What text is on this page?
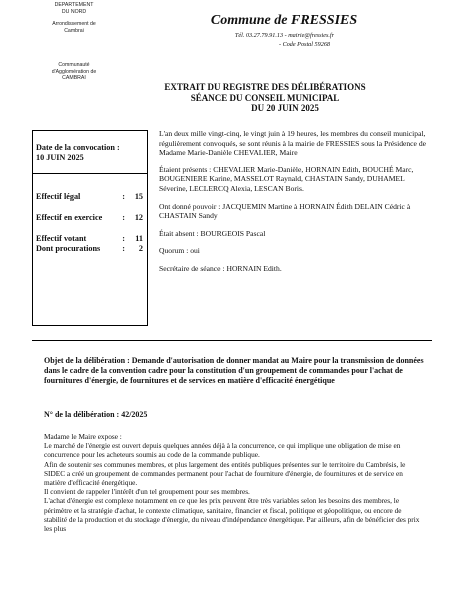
DEPARTEMENT
DU NORD
Arrondissement de
Cambrai
Communauté
d'Agglomération de
CAMBRAI
Commune de FRESSIES
Tél. 03.27.79.91.13 - mairie@fressies.fr
- Code Postal 59268
EXTRAIT DU REGISTRE DES DÉLIBÉRATIONS
SÉANCE DU CONSEIL MUNICIPAL
DU 20 JUIN 2025
Date de la convocation :
10 JUIN 2025
Effectif légal	: 15
Effectif en exercice : 12
Effectif votant	: 11
Dont procurations	: 2

L'an deux mille vingt-cinq, le vingt juin à 19 heures, les membres du conseil municipal, régulièrement convoqués, se sont réunis à la mairie de FRESSIES sous la Présidence de Madame Marie-Danièle CHEVALIER, Maire

Étaient présents : CHEVALIER Marie-Danièle, HORNAIN Edith, BOUCHÉ Marc, BOUGENIERE Karine, MASSELOT Raynald, CHASTAIN Sandy, DUHAMEL Séverine, LECLERCQ Alexia, LESCAN Boris.

Ont donné pouvoir : JACQUEMIN Martine à HORNAIN Édith DELAIN Cédric à CHASTAIN Sandy

Était absent : BOURGEOIS Pascal

Quorum : oui

Secrétaire de séance : HORNAIN Edith.

Objet de la délibération : Demande d'autorisation de donner mandat au Maire pour la transmission de données dans le cadre de la convention cadre pour la constitution d'un groupement de commandes pour l'achat de fournitures d'énergie, de fournitures et de services en matière d'efficacité énergétique
N° de la délibération : 42/2025

Madame le Maire expose :

Le marché de l'énergie est ouvert depuis quelques années déjà à la concurrence, ce qui implique une obligation de mise en concurrence pour les acheteurs soumis au code de la commande publique.

Afin de soutenir ses communes membres, et plus largement des entités publiques présentes sur le territoire du Cambrésis, le SIDEC a créé un groupement de commandes permanent pour l'achat de fourniture d'énergie, de fournitures et de service en matière d'efficacité énergétique.

Il convient de rappeler l'intérêt d'un tel groupement pour ses membres.

L'achat d'énergie est complexe notamment en ce que les prix peuvent être très variables selon les besoins des membres, le périmètre et la stratégie d'achat, le contexte climatique, sanitaire, financier et fiscal, politique et géopolitique, ou encore de stabilité de la production et du stockage d'énergie, du niveau d'indépendance énergétique. Par ailleurs, afin de bénéficier des prix les plus
